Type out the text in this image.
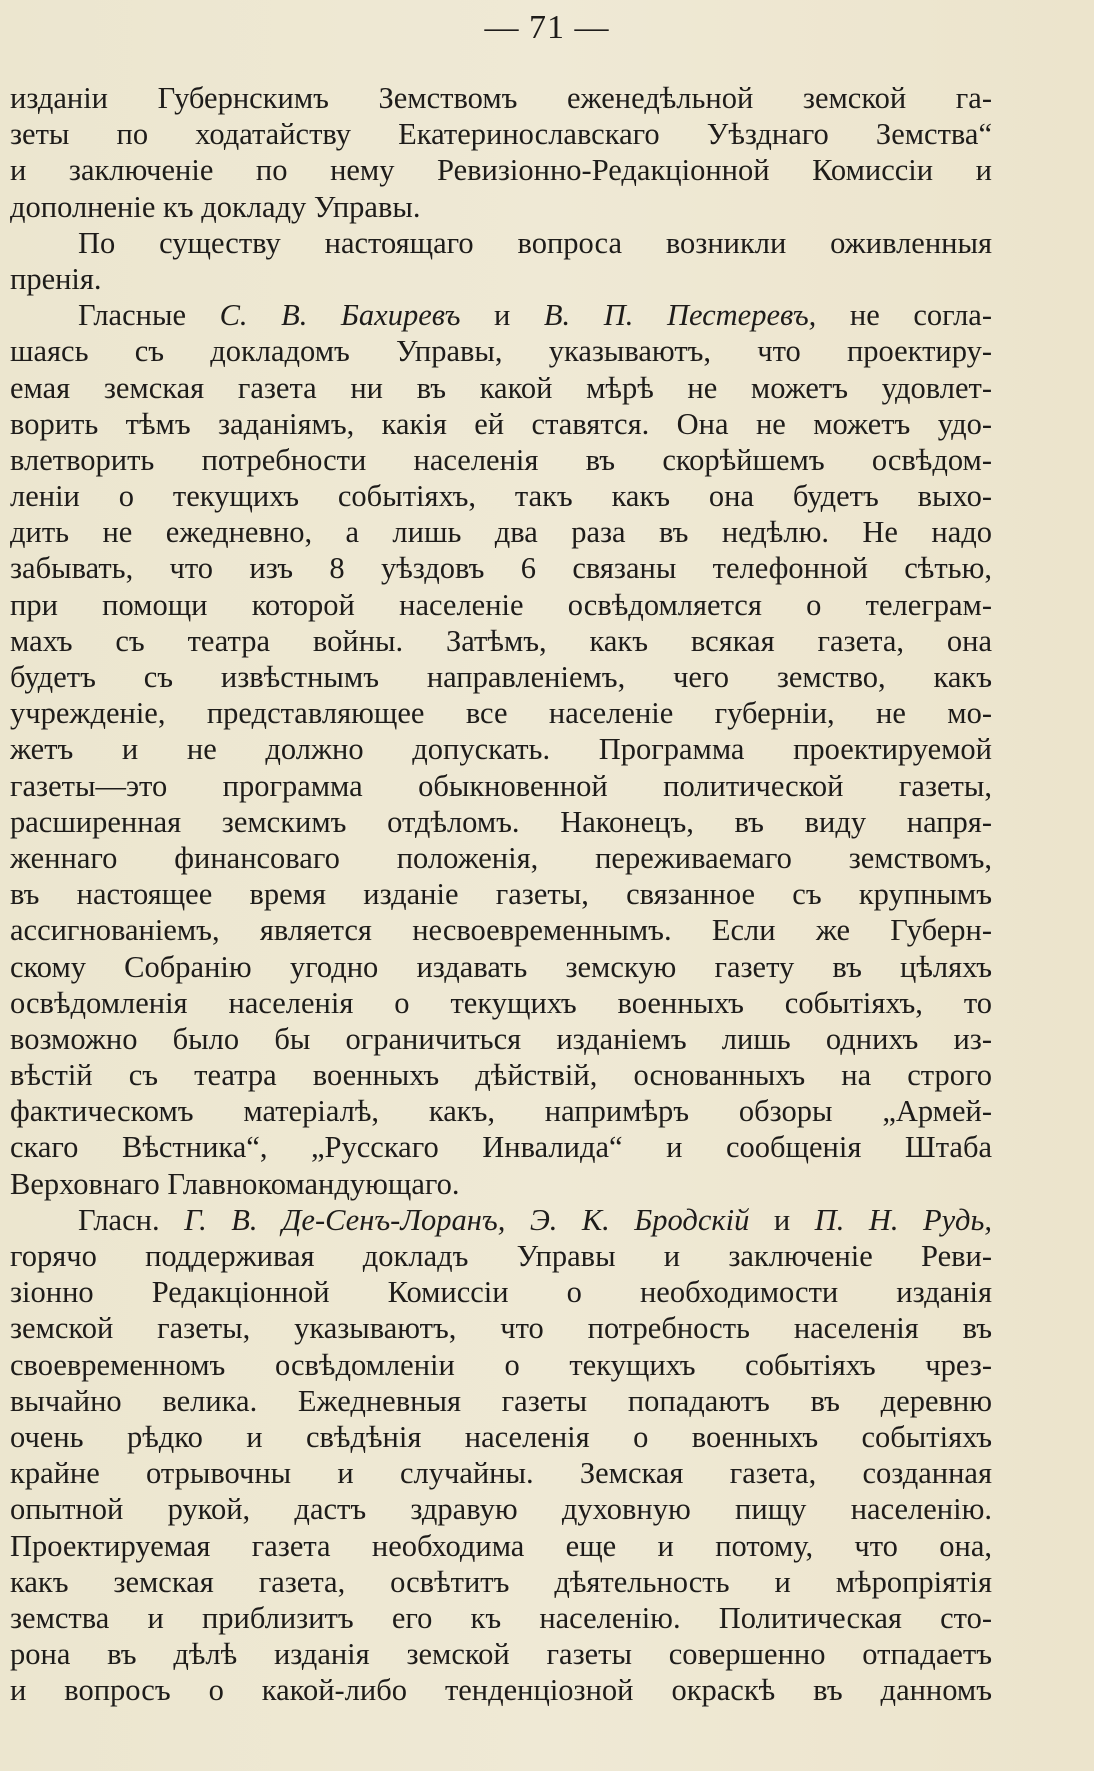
— 71 —
изданіи Губернскимъ Земствомъ еженедѣльной земской га-
зеты по ходатайству Екатеринославскаго Уѣзднаго Земства“
и заключеніе по нему Ревизіонно-Редакціонной Комиссіи и
дополненіе къ докладу Управы.
По существу настоящаго вопроса возникли оживленныя
пренія.
Гласные С. В. Бахиревъ и В. П. Пестеревъ, не согла-
шаясь съ докладомъ Управы, указываютъ, что проектиру-
емая земская газета ни въ какой мѣрѣ не можетъ удовлет-
ворить тѣмъ заданіямъ, какія ей ставятся. Она не можетъ удо-
влетворить потребности населенія въ скорѣйшемъ освѣдом-
леніи о текущихъ событіяхъ, такъ какъ она будетъ выхо-
дить не ежедневно, а лишь два раза въ недѣлю. Не надо
забывать, что изъ 8 уѣздовъ 6 связаны телефонной сѣтью,
при помощи которой населеніе освѣдомляется о телеграм-
махъ съ театра войны. Затѣмъ, какъ всякая газета, она
будетъ съ извѣстнымъ направленіемъ, чего земство, какъ
учрежденіе, представляющее все населеніе губерніи, не мо-
жетъ и не должно допускать. Программа проектируемой
газеты—это программа обыкновенной политической газеты,
расширенная земскимъ отдѣломъ. Наконецъ, въ виду напря-
женнаго финансоваго положенія, переживаемаго земствомъ,
въ настоящее время изданіе газеты, связанное съ крупнымъ
ассигнованіемъ, является несвоевременнымъ. Если же Губерн-
скому Собранію угодно издавать земскую газету въ цѣляхъ
освѣдомленія населенія о текущихъ военныхъ событіяхъ, то
возможно было бы ограничиться изданіемъ лишь однихъ из-
вѣстій съ театра военныхъ дѣйствій, основанныхъ на строго
фактическомъ матеріалѣ, какъ, напримѣръ обзоры „Армей-
скаго Вѣстника“, „Русскаго Инвалида“ и сообщенія Штаба
Верховнаго Главнокомандующаго.
Гласн. Г. В. Де-Сенъ-Лоранъ, Э. К. Бродскій и П. Н. Рудь,
горячо поддерживая докладъ Управы и заключеніе Реви-
зіонно Редакціонной Комиссіи о необходимости изданія
земской газеты, указываютъ, что потребность населенія въ
своевременномъ освѣдомленіи о текущихъ событіяхъ чрез-
вычайно велика. Ежедневныя газеты попадаютъ въ деревню
очень рѣдко и свѣдѣнія населенія о военныхъ событіяхъ
крайне отрывочны и случайны. Земская газета, созданная
опытной рукой, дастъ здравую духовную пищу населенію.
Проектируемая газета необходима еще и потому, что она,
какъ земская газета, освѣтитъ дѣятельность и мѣропріятія
земства и приблизитъ его къ населенію. Политическая сто-
рона въ дѣлѣ изданія земской газеты совершенно отпадаетъ
и вопросъ о какой-либо тенденціозной окраскѣ въ данномъ
